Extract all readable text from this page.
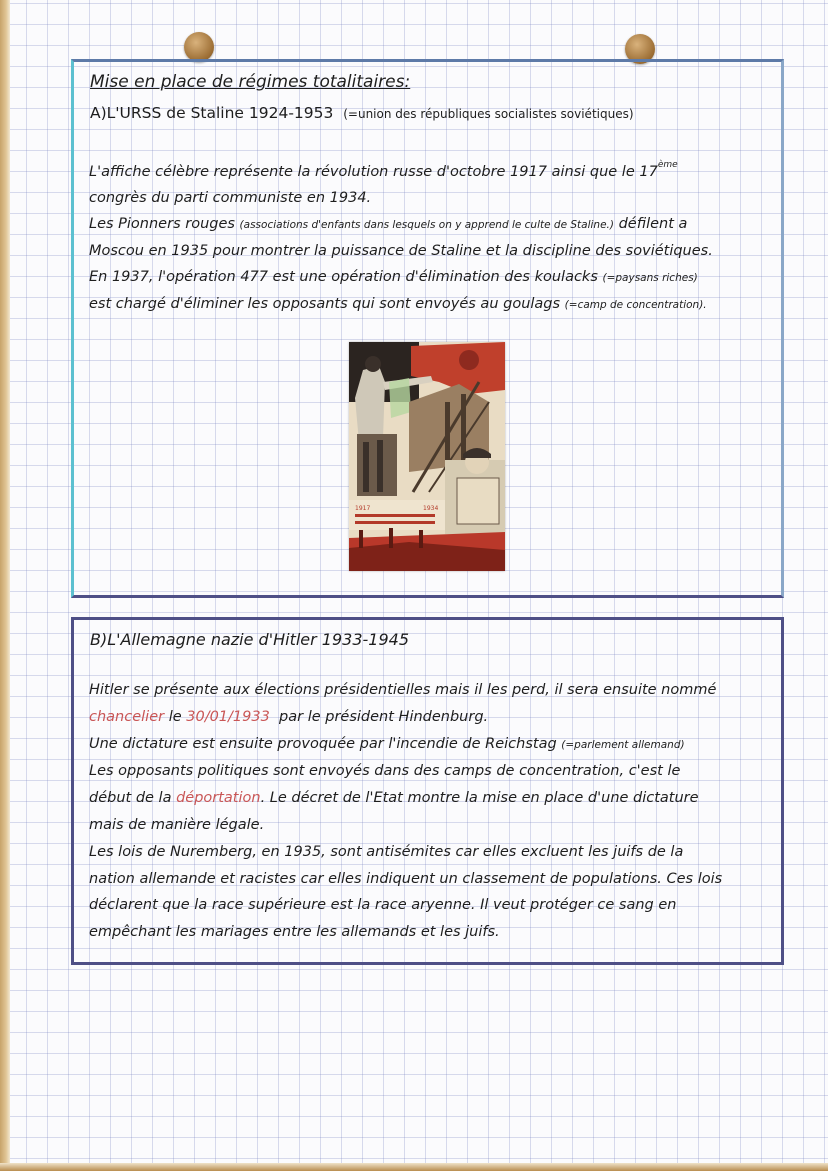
Mise en place de régimes totalitaires:
A)L'URSS de Staline 1924-1953 (=union des républiques socialistes soviétiques)
L'affiche célèbre représente la révolution russe d'octobre 1917 ainsi que le 17ème
congrès du parti communiste en 1934.
Les Pionners rouges (associations d'enfants dans lesquels on y apprend le culte de Staline.) défilent a
Moscou en 1935 pour montrer la puissance de Staline et la discipline des soviétiques.
En 1937, l'opération 477 est une opération d'élimination des koulacks (=paysans riches)
est chargé d'éliminer les opposants qui sont envoyés au goulags (=camp de concentration).
1917	1934
B)L'Allemagne nazie d'Hitler 1933-1945
Hitler se présente aux élections présidentielles mais il les perd, il sera ensuite nommé
chancelier le 30/01/1933 par le président Hindenburg.
Une dictature est ensuite provoquée par l'incendie de Reichstag (=parlement allemand)
Les opposants politiques sont envoyés dans des camps de concentration, c'est le
début de la déportation. Le décret de l'Etat montre la mise en place d'une dictature
mais de manière légale.
Les lois de Nuremberg, en 1935, sont antisémites car elles excluent les juifs de la
nation allemande et racistes car elles indiquent un classement de populations. Ces lois
déclarent que la race supérieure est la race aryenne. Il veut protéger ce sang en
empêchant les mariages entre les allemands et les juifs.
